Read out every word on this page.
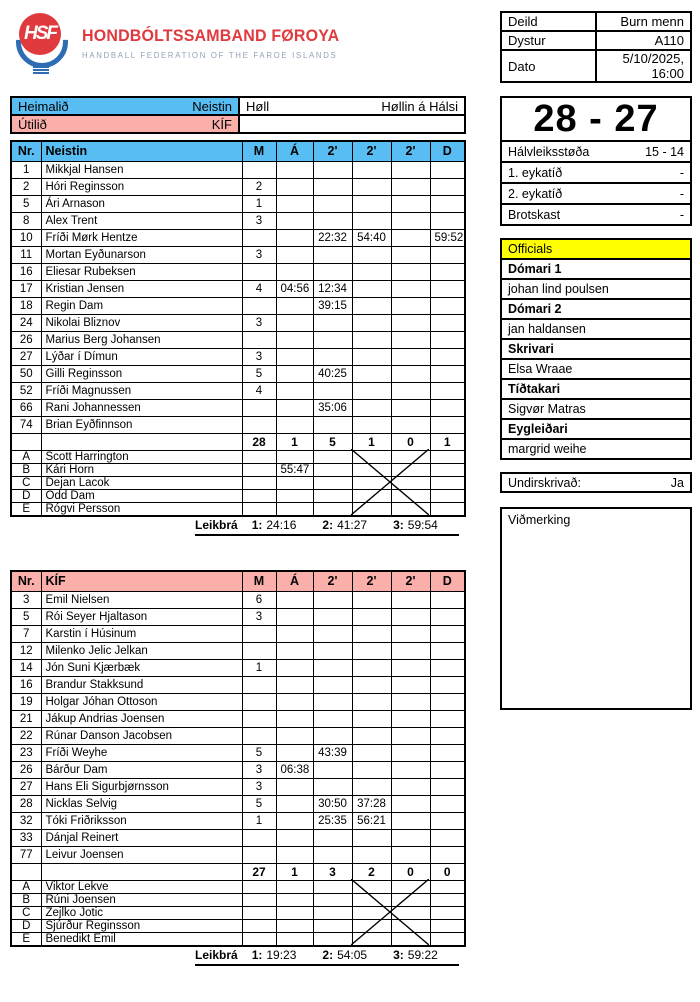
HSF HONDBÓLTSSAMBAND FØROYA
HANDBALL FEDERATION OF THE FAROE ISLANDS
Deild	Burn menn
Dystur	A110
Dato	5/10/2025, 16:00
Heimalið Neistin	Høll Høllin á Hálsi

Útilið KÍF	
		28 - 27
Hálvleiksstøða	15 - 14
1. eykatíð	-
2. eykatíð	-
Brotskast	-
Officials
Dómari 1
johan lind poulsen
Dómari 2
jan haldansen
Skrivari
Elsa Wraae
Tíðtakari
Sigvør Matras
Eygleiðari
margrid weihe
Undirskrivað:	Ja
Viðmerking
Nr.	Neistin	M	Á	2'	2'	2'	D
1	Mikkjal Hansen						
2	Hóri Reginsson	2					
5	Ári Arnason	1					
8	Alex Trent	3					
10	Fríði Mørk Hentze			22:32	54:40		59:52
11	Mortan Eyðunarson	3					
16	Eliesar Rubeksen						
17	Kristian Jensen	4	04:56	12:34			
18	Regin Dam			39:15			
24	Nikolai Bliznov	3					
26	Marius Berg Johansen						
27	Lýðar í Dímun	3					
50	Gilli Reginsson	5		40:25			
52	Fríði Magnussen	4					
66	Rani Johannessen			35:06			
74	Brian Eyðfinnson						
		28	1	5	1	0	1
A	Scott Harrington						
B	Kári Horn		55:47				
C	Dejan Lacok						
D	Odd Dam						
E	Rógvi Persson						
Leikbrá 1: 24:16 2: 41:27 3: 59:54
Nr.	KÍF	M	Á	2'	2'	2'	D
3	Emil Nielsen	6					
5	Rói Seyer Hjaltason	3					
7	Karstin í Húsinum						
12	Milenko Jelic Jelkan						
14	Jón Suni Kjærbæk	1					
16	Brandur Stakksund						
19	Holgar Jóhan Ottoson						
21	Jákup Andrias Joensen						
22	Rúnar Danson Jacobsen						
23	Fríði Weyhe	5		43:39			
26	Bárður Dam	3	06:38				
27	Hans Eli Sigurbjørnsson	3					
28	Nicklas Selvig	5		30:50	37:28		
32	Tóki Friðriksson	1		25:35	56:21		
33	Dánjal Reinert						
77	Leivur Joensen						
		27	1	3	2	0	0
A	Viktor Lekve						
B	Rúni Joensen						
C	Zejlko Jotic						
D	Sjúrður Reginsson						
E	Benedikt Emil						
Leikbrá 1: 19:23 2: 54:05 3: 59:22
